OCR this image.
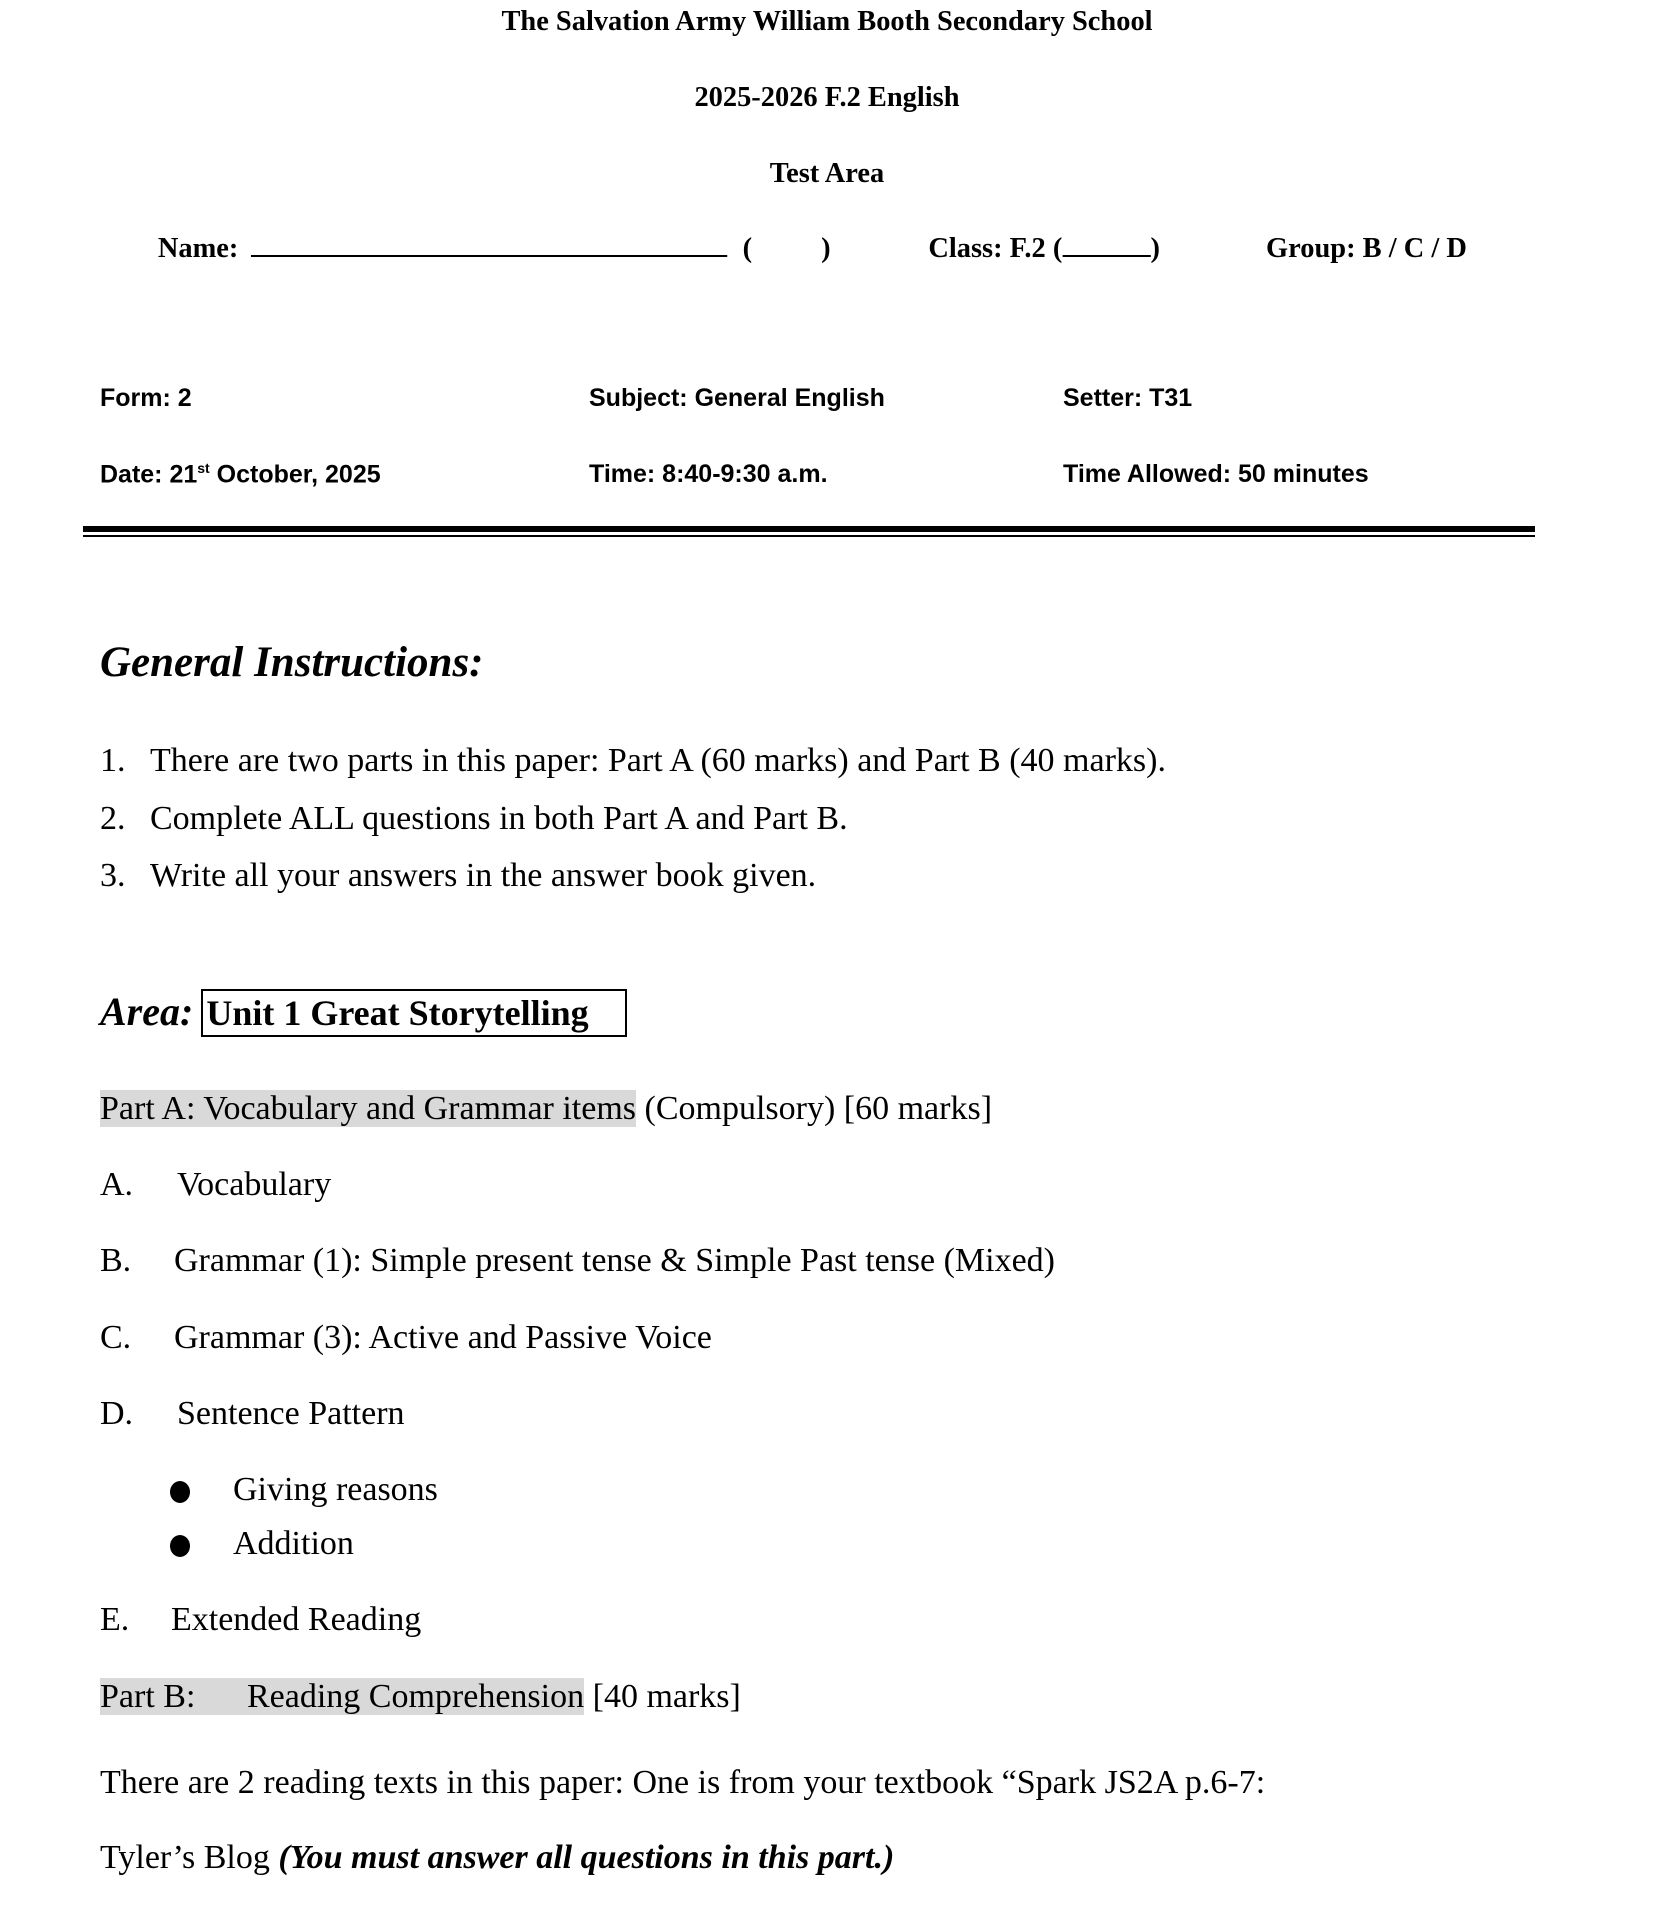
The Salvation Army William Booth Secondary School
2025-2026 F.2 English
Test Area
Name:	( )	Class: F.2 (	)	Group: B / C / D
Form: 2	Subject: General English	Setter: T31
Date: 21st October, 2025	Time: 8:40-9:30 a.m.	Time Allowed: 50 minutes
General Instructions:
1. There are two parts in this paper: Part A (60 marks) and Part B (40 marks).
2. Complete ALL questions in both Part A and Part B.
3. Write all your answers in the answer book given.
Area: Unit 1 Great Storytelling
Part A: Vocabulary and Grammar items (Compulsory) [60 marks]
A. Vocabulary
B. Grammar (1): Simple present tense & Simple Past tense (Mixed)
C. Grammar (3): Active and Passive Voice
D. Sentence Pattern
Giving reasons
Addition
E. Extended Reading
Part B: Reading Comprehension [40 marks]
There are 2 reading texts in this paper: One is from your textbook “Spark JS2A p.6-7:
Tyler’s Blog (You must answer all questions in this part.)
